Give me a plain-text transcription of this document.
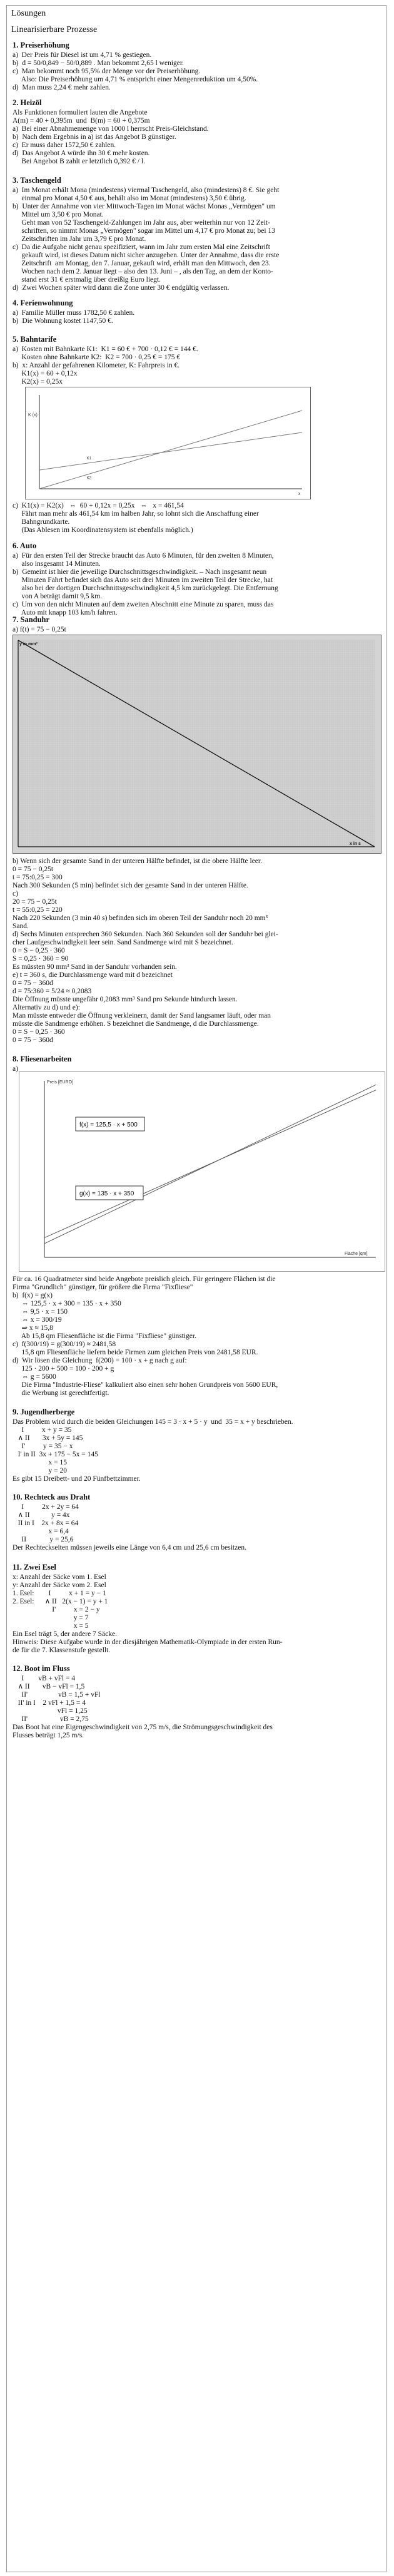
Lösungen
Linearisierbare Prozesse
1. Preiserhöhung

a)  Der Preis für Diesel ist um 4,71 % gestiegen.

b)  d = 50/0,849 − 50/0,889 . Man bekommt 2,65 l weniger.

c)  Man bekommt noch 95,5% der Menge vor der Preiserhöhung.

Also: Die Preiserhöhung um 4,71 % entspricht einer Mengenreduktion um 4,50%.

d)  Man muss 2,24 € mehr zahlen.

2. Heizöl

Als Funktionen formuliert lauten die Angebote

A(m) = 40 + 0,395m  und  B(m) = 60 + 0,375m

a)  Bei einer Abnahmemenge von 1000 l herrscht Preis-Gleichstand.

b)  Nach dem Ergebnis in a) ist das Angebot B günstiger.

c)  Er muss daher 1572,50 € zahlen.

d)  Das Angebot A würde ihn 30 € mehr kosten.

Bei Angebot B zahlt er letztlich 0,392 € / l.

3. Taschengeld

a)  Im Monat erhält Mona (mindestens) viermal Taschengeld, also (mindestens) 8 €. Sie geht

einmal pro Monat 4,50 € aus, behält also im Monat (mindestens) 3,50 € übrig.

b)  Unter der Annahme von vier Mittwoch-Tagen im Monat wächst Monas „Vermögen" um

Mittel um 3,50 € pro Monat.

Geht man von 52 Taschengeld-Zahlungen im Jahr aus, aber weiterhin nur von 12 Zeit-

schriften, so nimmt Monas „Vermögen" sogar im Mittel um 4,17 € pro Monat zu; bei 13

Zeitschriften im Jahr um 3,79 € pro Monat.

c)  Da die Aufgabe nicht genau spezifiziert, wann im Jahr zum ersten Mal eine Zeitschrift

gekauft wird, ist dieses Datum nicht sicher anzugeben. Unter der Annahme, dass die erste

Zeitschrift  am Montag, den 7. Januar, gekauft wird, erhält man den Mittwoch, den 23.

Wochen nach dem 2. Januar liegt – also den 13. Juni – , als den Tag, an dem der Konto-

stand erst 31 € erstmalig über dreißig Euro liegt.

d)  Zwei Wochen später wird dann die Zone unter 30 € endgültig verlassen.

4. Ferienwohnung

a)  Familie Müller muss 1782,50 € zahlen.

b)  Die Wohnung kostet 1147,50 €.

5. Bahntarife

a)  Kosten mit Bahnkarte K1:  K1 = 60 € + 700 · 0,12 € = 144 €.

Kosten ohne Bahnkarte K2:  K2 = 700 · 0,25 € = 175 €

b)  x: Anzahl der gefahrenen Kilometer, K: Fahrpreis in €.

K1(x) = 60 + 0,12x

K2(x) = 0,25x

K (x)
x
K1
K2

c)  K1(x) = K2(x)   ⇔  60 + 0,12x = 0,25x   ⇔   x = 461,54

Fährt man mehr als 461,54 km im halben Jahr, so lohnt sich die Anschaffung einer

Bahngrundkarte.

(Das Ablesen im Koordinatensystem ist ebenfalls möglich.)

6. Auto

a)  Für den ersten Teil der Strecke braucht das Auto 6 Minuten, für den zweiten 8 Minuten,

also insgesamt 14 Minuten.

b)  Gemeint ist hier die jeweilige Durchschnittsgeschwindigkeit. – Nach insgesamt neun

Minuten Fahrt befindet sich das Auto seit drei Minuten im zweiten Teil der Strecke, hat

also bei der dortigen Durchschnittsgeschwindigkeit 4,5 km zurückgelegt. Die Entfernung

von A beträgt damit 9,5 km.

c)  Um von den nicht Minuten auf dem zweiten Abschnitt eine Minute zu sparen, muss das

Auto mit knapp 103 km/h fahren.

7. Sanduhr

a) f(t) = 75 − 0,25t

y in mm³
x in s

b) Wenn sich der gesamte Sand in der unteren Hälfte befindet, ist die obere Hälfte leer.

0 = 75 − 0,25t

t = 75:0,25 = 300

Nach 300 Sekunden (5 min) befindet sich der gesamte Sand in der unteren Hälfte.

c)

20 = 75 − 0,25t

t = 55:0,25 = 220

Nach 220 Sekunden (3 min 40 s) befinden sich im oberen Teil der Sanduhr noch 20 mm³

Sand.

d) Sechs Minuten entsprechen 360 Sekunden. Nach 360 Sekunden soll der Sanduhr bei glei-

cher Laufgeschwindigkeit leer sein. Sand Sandmenge wird mit S bezeichnet.

0 = S − 0,25 · 360

S = 0,25 · 360 = 90

Es müssten 90 mm³ Sand in der Sanduhr vorhanden sein.

e) t = 360 s, die Durchlassmenge ward mit d bezeichnet

0 = 75 − 360d

d = 75:360 = 5/24 ≈ 0,2083

Die Öffnung müsste ungefähr 0,2083 mm³ Sand pro Sekunde hindurch lassen.

Alternativ zu d) und e):

Man müsste entweder die Öffnung verkleinern, damit der Sand langsamer läuft, oder man

müsste die Sandmenge erhöhen. S bezeichnet die Sandmenge, d die Durchlassmenge.

0 = S − 0,25 · 360

0 = 75 − 360d

8. Fliesenarbeiten

a)

Preis [EURO]
Fläche [qm]
f(x) = 125,5 · x + 500
g(x) = 135 · x + 350

Für ca. 16 Quadratmeter sind beide Angebote preislich gleich. Für geringere Flächen ist die

Firma "Grundlich" günstiger, für größere die Firma "Fixfliese"

b)  f(x) = g(x)

⇔ 125,5 · x + 300 = 135 · x + 350

⇔ 9,5 · x = 150

⇔ x = 300/19

⇒ x ≈ 15,8

Ab 15,8 qm Fliesenfläche ist die Firma "Fixfliese" günstiger.

c)  f(300/19) = g(300/19) ≈ 2481,58

15,8 qm Fliesenfläche liefern beide Firmen zum gleichen Preis von 2481,58 EUR.

d)  Wir lösen die Gleichung  f(200) = 100 · x + g nach g auf:

125 · 200 + 500 = 100 · 200 + g

⇔ g = 5600

Die Firma "Industrie-Fliese" kalkuliert also einen sehr hohen Grundpreis von 5600 EUR,

die Werbung ist gerechtfertigt.

9. Jugendherberge

Das Problem wird durch die beiden Gleichungen 145 = 3 · x + 5 · y  und  35 = x + y beschrieben.

I          x + y = 35

∧ II       3x + 5y = 145

I'          y = 35 − x

I' in II  3x + 175 − 5x = 145

x = 15

y = 20

Es gibt 15 Dreibett- und 20 Fünfbettzimmer.

10. Rechteck aus Draht

I          2x + 2y = 64

∧ II            y = 4x

II in I    2x + 8x = 64

x = 6,4

II             y = 25,6

Der Rechteckseiten müssen jeweils eine Länge von 6,4 cm und 25,6 cm besitzen.

11. Zwei Esel

x: Anzahl der Säcke vom 1. Esel

y: Anzahl der Säcke vom 2. Esel

1. Esel:        I          x + 1 = y − 1

2. Esel:      ∧ II   2(x − 1) = y + 1

I'          x = 2 − y

y = 7

x = 5

Ein Esel trägt 5, der andere 7 Säcke.

Hinweis: Diese Aufgabe wurde in der diesjährigen Mathematik-Olympiade in der ersten Run-

de für die 7. Klassenstufe gestellt.

12. Boot im Fluss

I        vB + vFl = 4

∧ II       vB − vFl = 1,5

II'                 vB = 1,5 + vFl

II' in I    2 vFl + 1,5 = 4

vFl = 1,25

II'                  vB = 2,75

Das Boot hat eine Eigengeschwindigkeit von 2,75 m/s, die Strömungsgeschwindigkeit des

Flusses beträgt 1,25 m/s.
